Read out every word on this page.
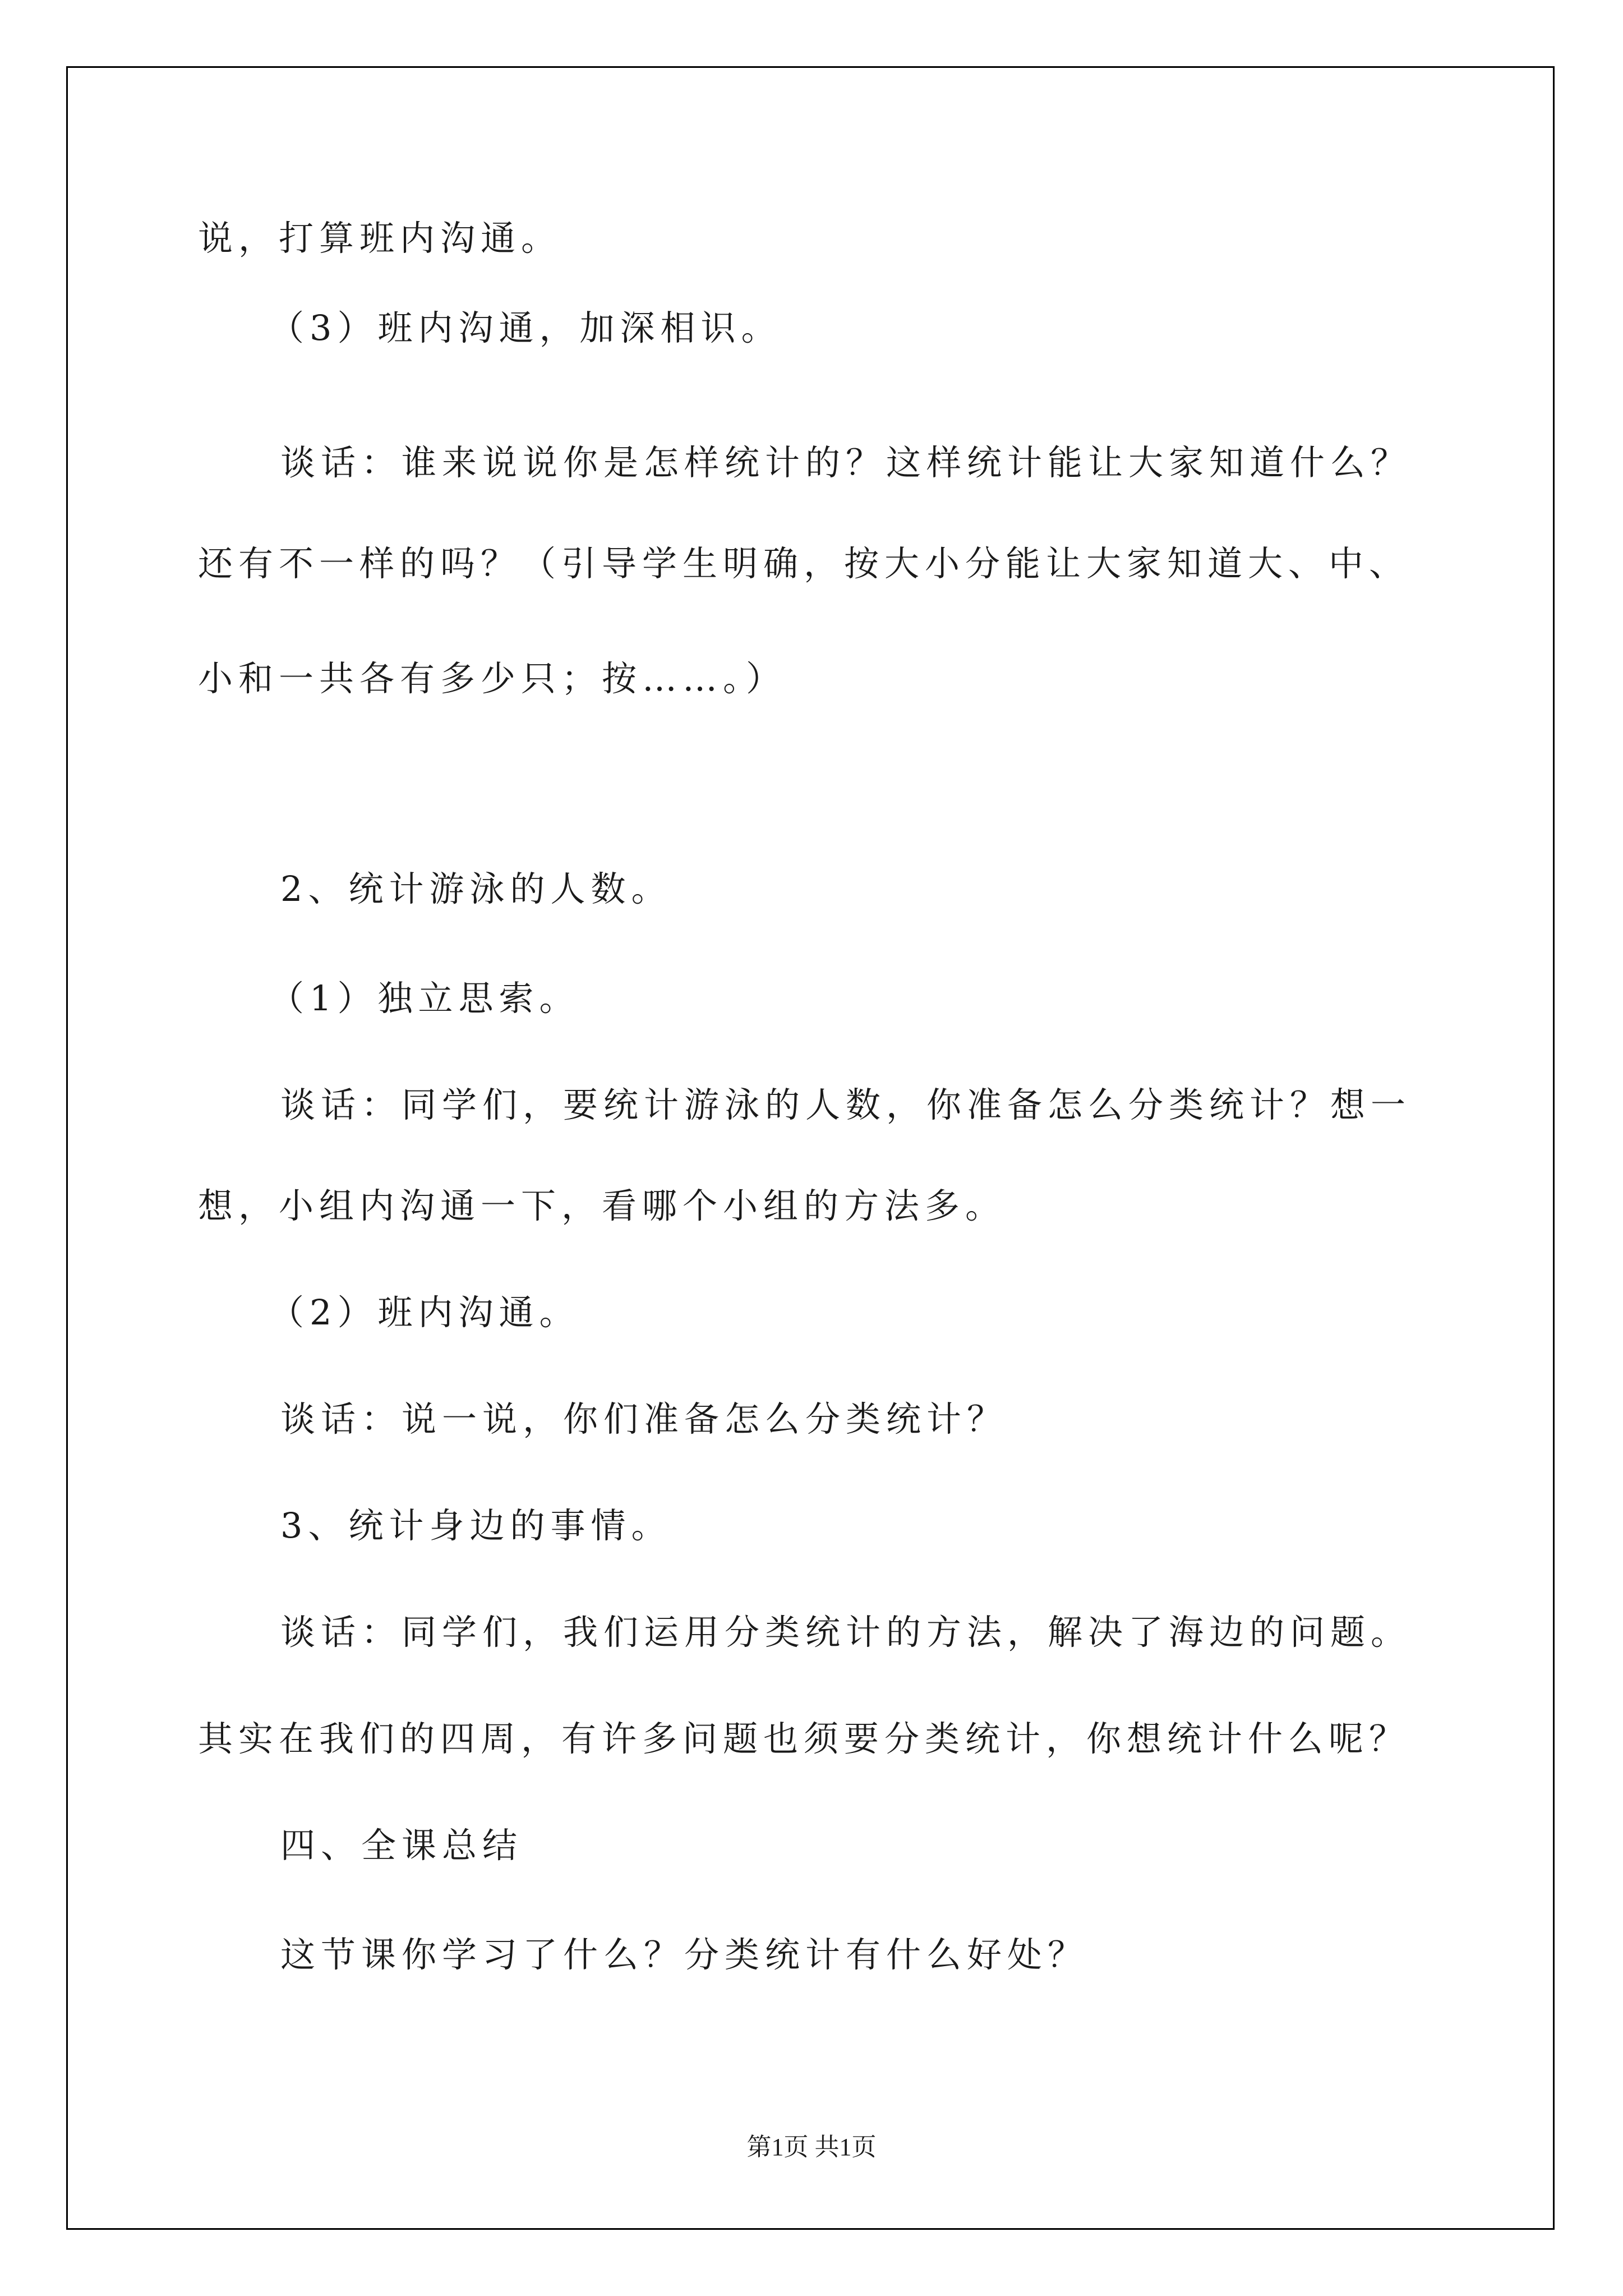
说，打算班内沟通。
（3）班内沟通，加深相识。
谈话：谁来说说你是怎样统计的？这样统计能让大家知道什么？
还有不一样的吗？（引导学生明确，按大小分能让大家知道大、中、
小和一共各有多少只；按……。）
2、统计游泳的人数。
（1）独立思索。
谈话：同学们，要统计游泳的人数，你准备怎么分类统计？想一
想，小组内沟通一下，看哪个小组的方法多。
（2）班内沟通。
谈话：说一说，你们准备怎么分类统计？
3、统计身边的事情。
谈话：同学们，我们运用分类统计的方法，解决了海边的问题。
其实在我们的四周，有许多问题也须要分类统计，你想统计什么呢？
四、全课总结
这节课你学习了什么？分类统计有什么好处？
第1页 共1页
